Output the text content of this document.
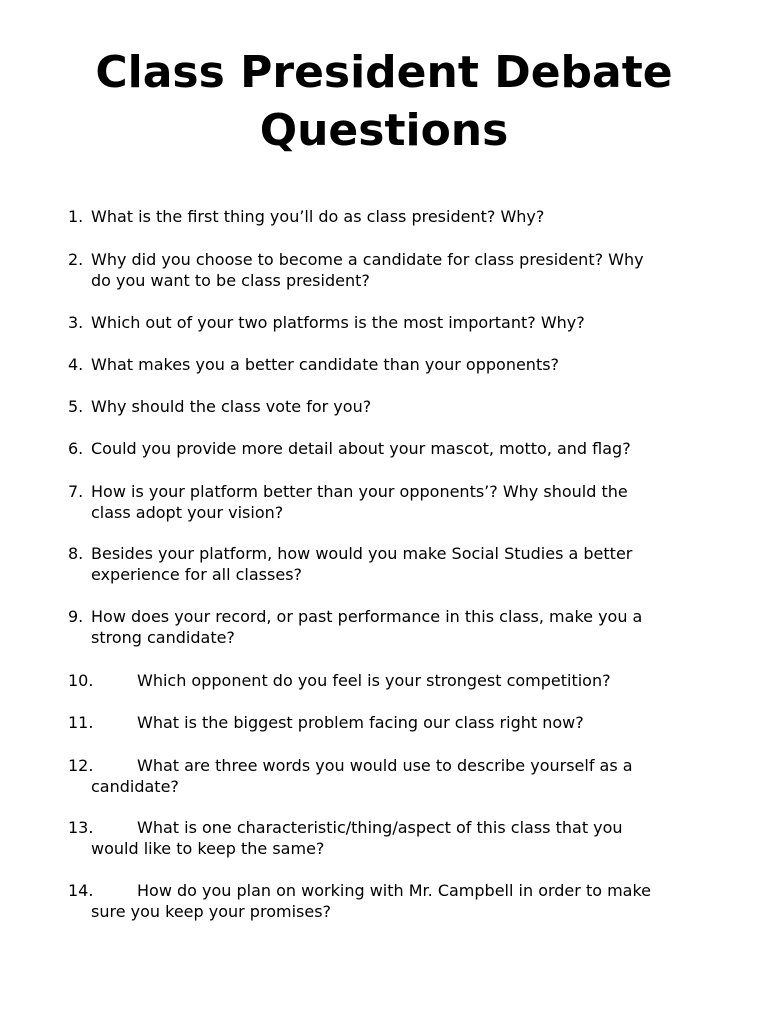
Class President Debate
Questions
1. What is the first thing you’ll do as class president? Why?
2. Why did you choose to become a candidate for class president? Why
do you want to be class president?
3. Which out of your two platforms is the most important? Why?
4. What makes you a better candidate than your opponents?
5. Why should the class vote for you?
6. Could you provide more detail about your mascot, motto, and flag?
7. How is your platform better than your opponents’? Why should the
class adopt your vision?
8. Besides your platform, how would you make Social Studies a better
experience for all classes?
9. How does your record, or past performance in this class, make you a
strong candidate?
10.	Which opponent do you feel is your strongest competition?
11.	What is the biggest problem facing our class right now?
12.	What are three words you would use to describe yourself as a
candidate?
13.	What is one characteristic/thing/aspect of this class that you
would like to keep the same?
14.	How do you plan on working with Mr. Campbell in order to make
sure you keep your promises?
